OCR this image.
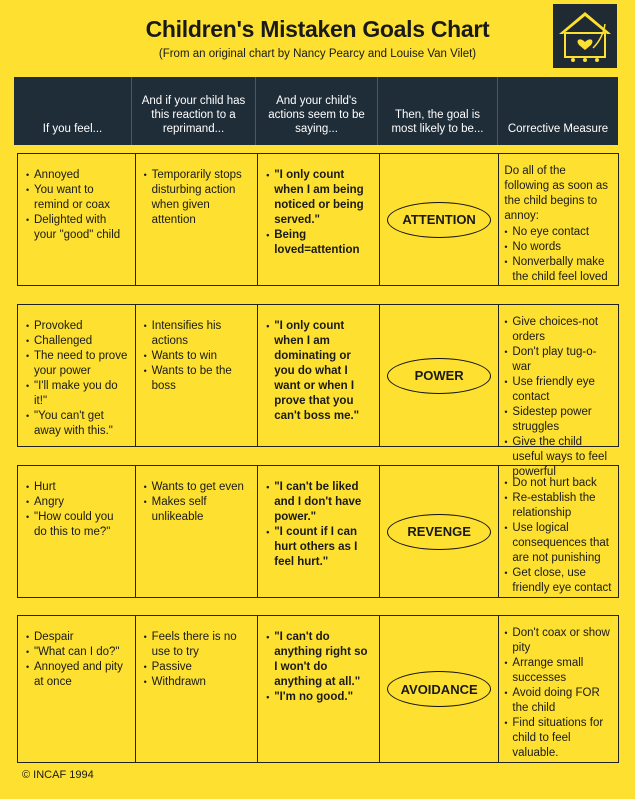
Children's Mistaken Goals Chart
(From an original chart by Nancy Pearcy and Louise Van Vilet)
If you feel...
And if your child has this reaction to a reprimand...
And your child's actions seem to be saying...
Then, the goal is most likely to be...	Corrective Measure
• Annoyed
• You want to remind or coax
• Delighted with your "good" child
• Temporarily stops disturbing action when given attention
• "I only count when I am being noticed or being served."
• Being loved=attention
ATTENTION
Do all of the following as soon as the child begins to annoy:
• No eye contact
• No words
• Nonverbally make the child feel loved
• Provoked
• Challenged
• The need to prove your power
• "I'll make you do it!"
• "You can't get away with this."
• Intensifies his actions
• Wants to win
• Wants to be the boss
• "I only count when I am dominating or you do what I want or when I prove that you can't boss me."
POWER
• Give choices-not orders
• Don't play tug-o-war
• Use friendly eye contact
• Sidestep power struggles
• Give the child useful ways to feel powerful
• Hurt
• Angry
• "How could you do this to me?"
• Wants to get even
• Makes self unlikeable
• "I can't be liked and I don't have power."
• "I count if I can hurt others as I feel hurt."
REVENGE
• Do not hurt back
• Re-establish the relationship
• Use logical consequences that are not punishing
• Get close, use friendly eye contact
• Despair
• "What can I do?"
• Annoyed and pity at once
• Feels there is no use to try
• Passive
• Withdrawn
• "I can't do anything right so I won't do anything at all."
• "I'm no good."
AVOIDANCE
• Don't coax or show pity
• Arrange small successes
• Avoid doing FOR the child
• Find situations for child to feel valuable.
© INCAF 1994
